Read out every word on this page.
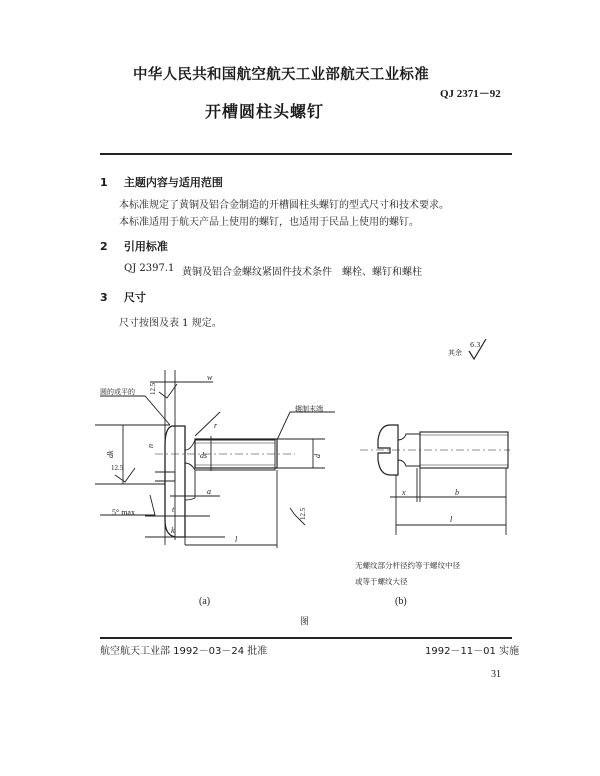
中华人民共和国航空航天工业部航天工业标准
QJ 2371－92
开槽圆柱头螺钉
1 主题内容与适用范围
本标准规定了黄铜及铝合金制造的开槽圆柱头螺钉的型式尺寸和技术要求。
本标准适用于航天产品上使用的螺钉，也适用于民品上使用的螺钉。
2 引用标准
QJ 2397.1 黄铜及铝合金螺纹紧固件技术条件　螺栓、螺钉和螺柱
3 尺寸
尺寸按图及表 1 规定。
其余
6.3
w
dk	d
ds
n
r
a
t
k
l
12.5
12.5
12.5
圆的或平的
辗制末端
5° max
x	b
l
无螺纹部分杆径约等于螺纹中径
或等于螺纹大径
(a)	(b)
图
航空航天工业部 1992－03－24 批准	1992－11－01 实施
31
